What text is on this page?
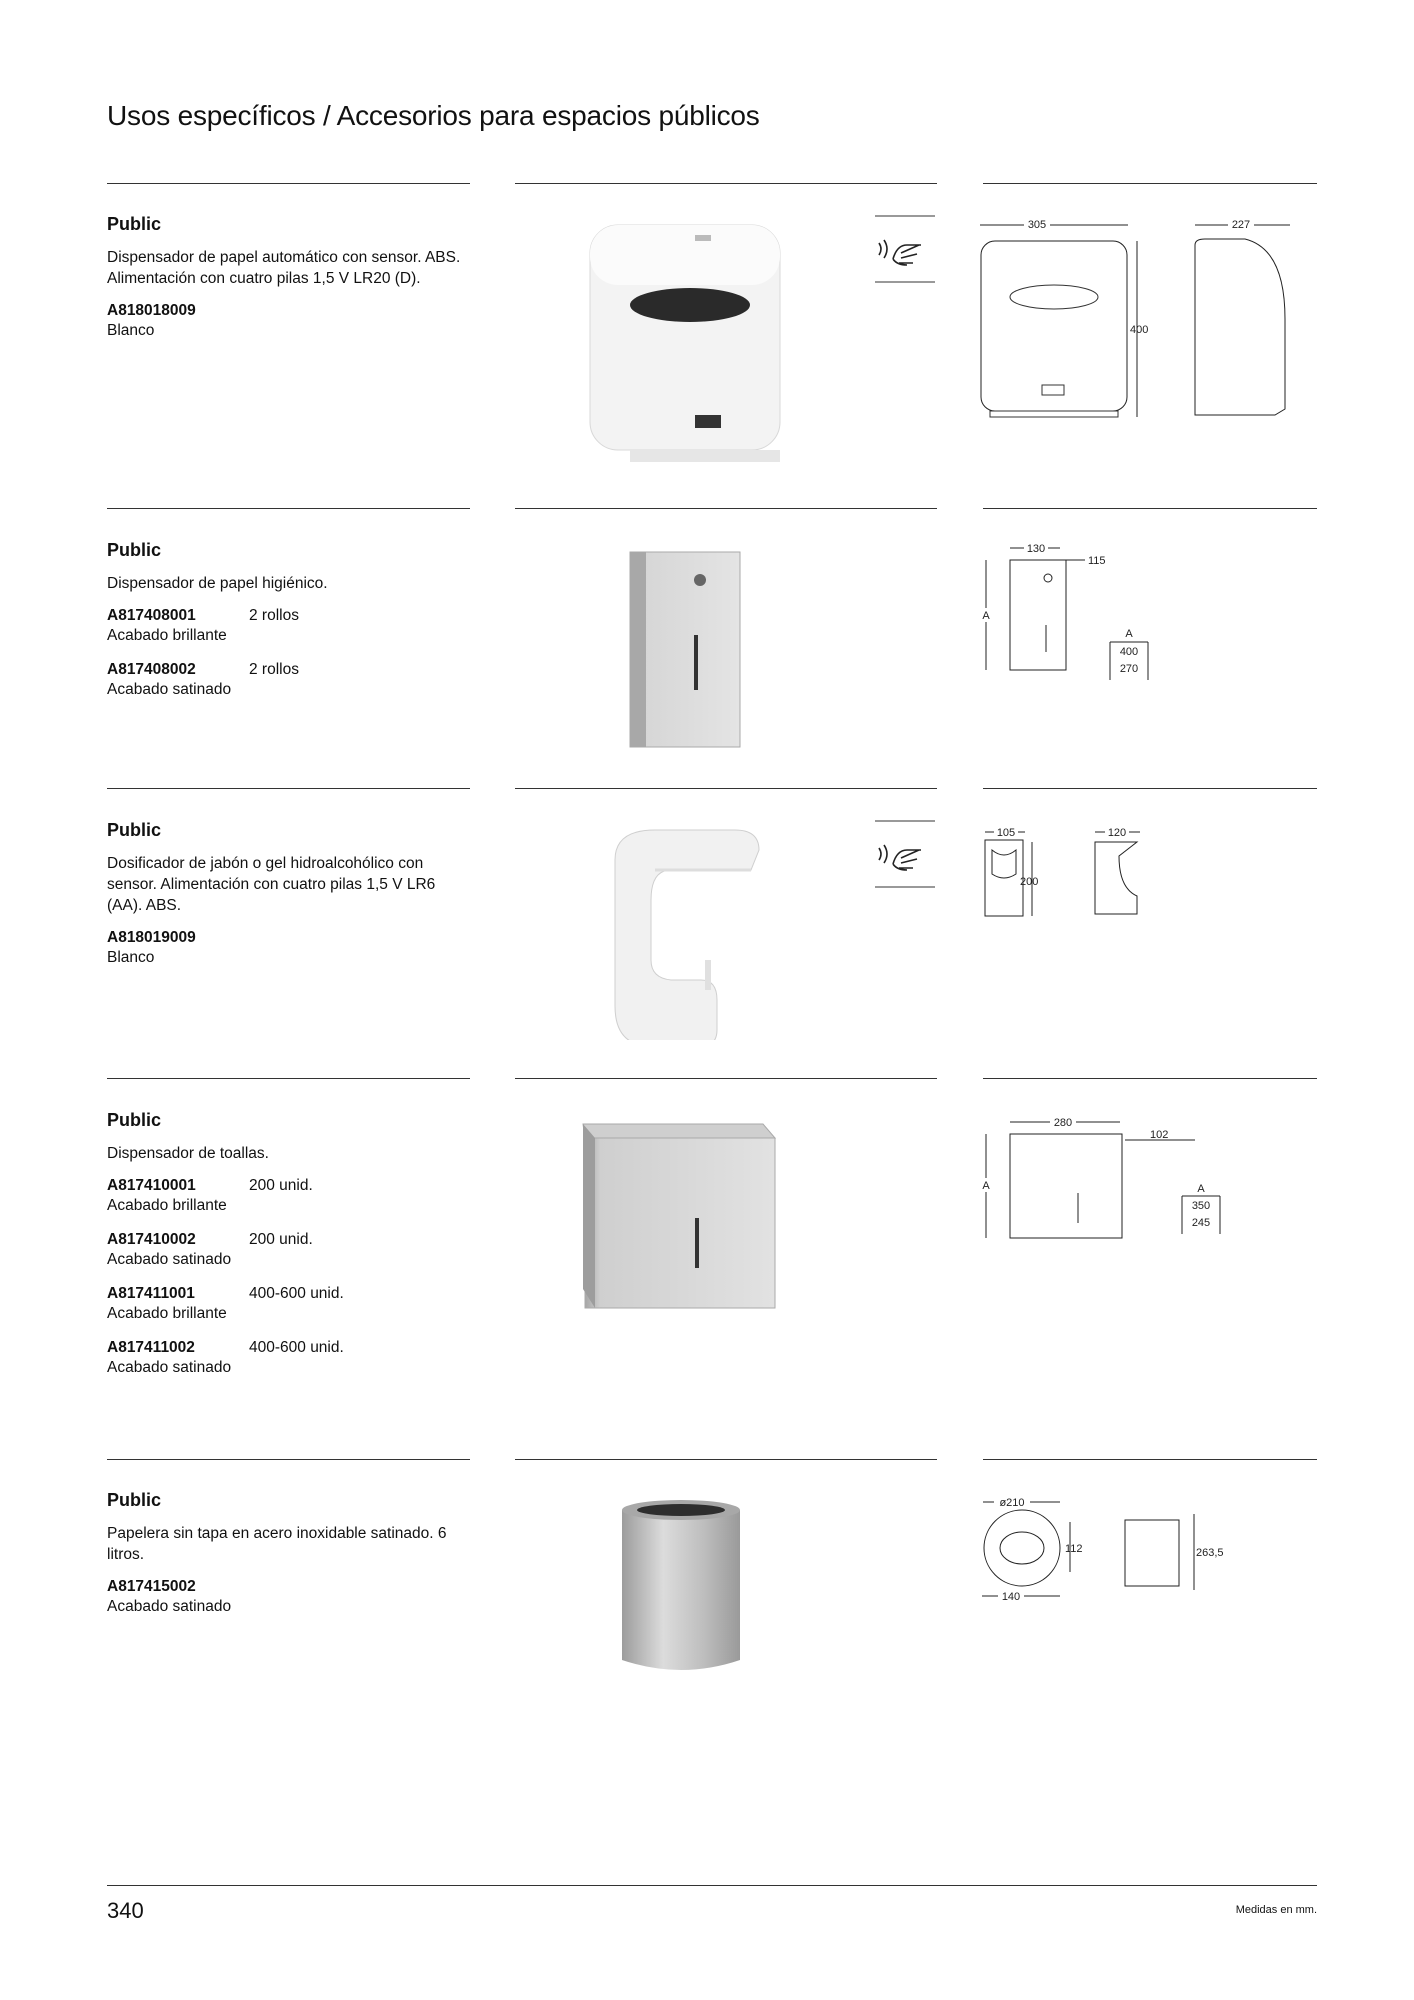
Usos específicos / Accesorios para espacios públicos

Public

Dispensador de papel automático con sensor. ABS. Alimentación con cuatro pilas 1,5 V LR20 (D).

A818018009
Blanco
305
400
227

Public

Dispensador de papel higiénico.

A817408001	2 rollos
Acabado brillante
A817408002	2 rollos
Acabado satinado
130
115
A
A
400
270

Public

Dosificador de jabón o gel hidroalcohólico con sensor. Alimentación con cuatro pilas 1,5 V LR6 (AA). ABS.

A818019009
Blanco
105
200
120

Public

Dispensador de toallas.

A817410001	200 unid.
Acabado brillante
A817410002	200 unid.
Acabado satinado
A817411001	400-600 unid.
Acabado brillante
A817411002	400-600 unid.
Acabado satinado
280
102
A	A
350
245

Public

Papelera sin tapa en acero inoxidable satinado. 6 litros.

A817415002
Acabado satinado
ø210
112
140
263,5
340	Medidas en mm.
